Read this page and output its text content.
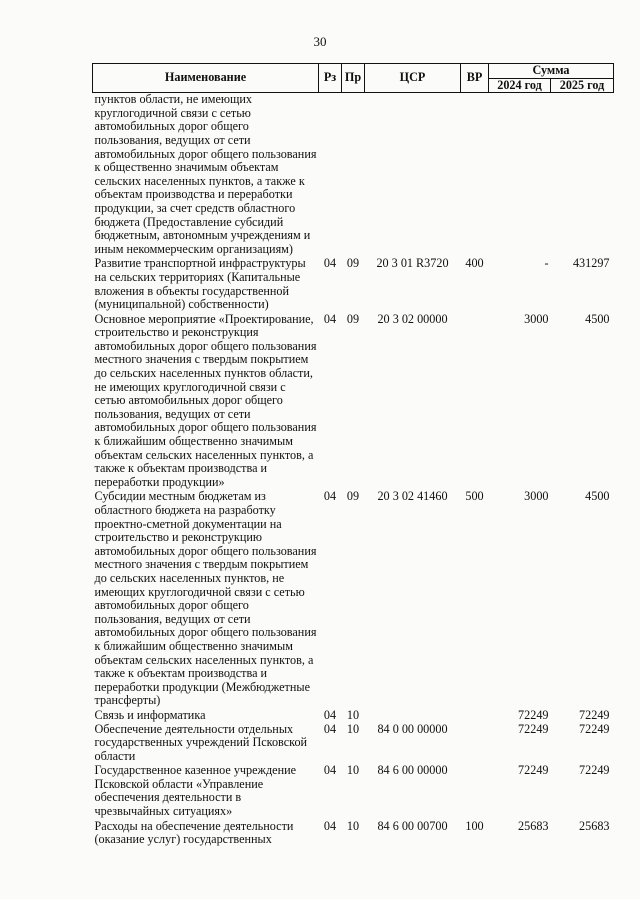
30
Наименование	Рз	Пр	ЦСР	ВР	Сумма	
					2024 год	2025 год
пунктов области, не имеющих круглогодичной связи с сетью автомобильных дорог общего пользования, ведущих от сети автомобильных дорог общего пользования к общественно значимым объектам сельских населенных пунктов, а также к объектам производства и переработки продукции, за счет средств областного бюджета (Предоставление субсидий бюджетным, автономным учреждениям и иным некоммерческим организациям)						
Развитие транспортной инфраструктуры на сельских территориях (Капитальные вложения в объекты государственной (муниципальной) собственности)	04	09	20 3 01 R3720	400	-	431297
Основное мероприятие «Проектирование, строительство и реконструкция автомобильных дорог общего пользования местного значения с твердым покрытием до сельских населенных пунктов области, не имеющих круглогодичной связи с сетью автомобильных дорог общего пользования, ведущих от сети автомобильных дорог общего пользования к ближайшим общественно значимым объектам сельских населенных пунктов, а также к объектам производства и переработки продукции»	04	09	20 3 02 00000		3000	4500
Субсидии местным бюджетам из областного бюджета на разработку проектно-сметной документации на строительство и реконструкцию автомобильных дорог общего пользования местного значения с твердым покрытием до сельских населенных пунктов, не имеющих круглогодичной связи с сетью автомобильных дорог общего пользования, ведущих от сети автомобильных дорог общего пользования к ближайшим общественно значимым объектам сельских населенных пунктов, а также к объектам производства и переработки продукции (Межбюджетные трансферты)	04	09	20 3 02 41460	500	3000	4500
Связь и информатика	04	10			72249	72249
Обеспечение деятельности отдельных государственных учреждений Псковской области	04	10	84 0 00 00000		72249	72249
Государственное казенное учреждение Псковской области «Управление обеспечения деятельности в чрезвычайных ситуациях»	04	10	84 6 00 00000		72249	72249
Расходы на обеспечение деятельности (оказание услуг) государственных	04	10	84 6 00 00700	100	25683	25683
